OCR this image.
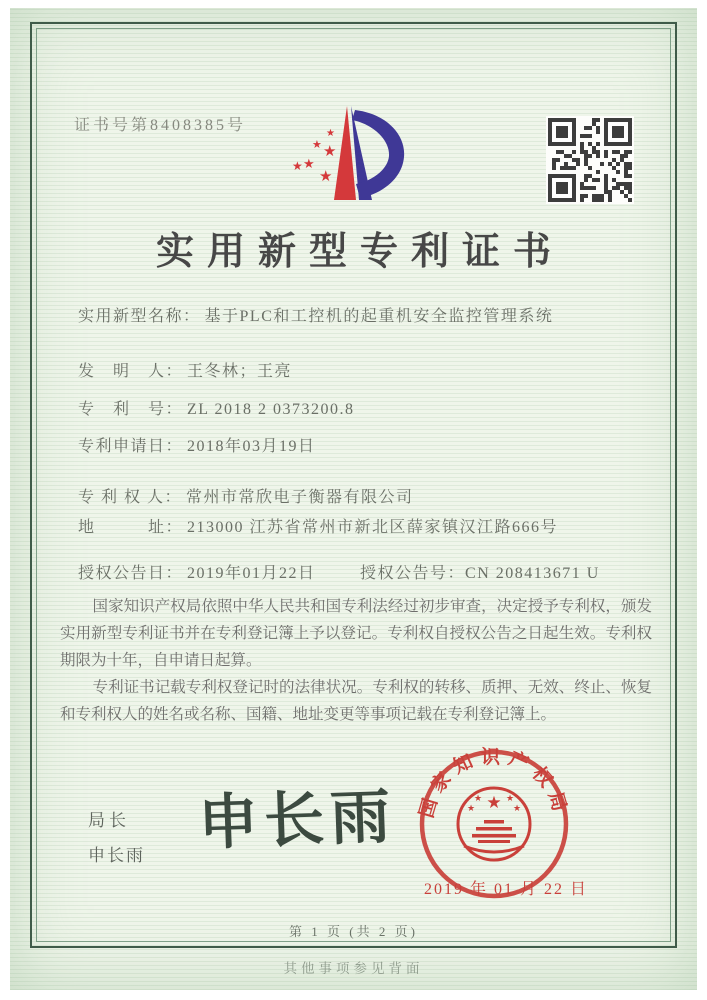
证书号第8408385号	★
★ ★
★
★
★
实用新型专利证书
实用新型名称： 基于PLC和工控机的起重机安全监控管理系统
发　明　人： 王冬林；王亮
专　利　号： ZL 2018 2 0373200.8
专利申请日： 2018年03月19日
专 利 权 人： 常州市常欣电子衡器有限公司
地　　　址： 213000 江苏省常州市新北区薛家镇汉江路666号
授权公告日： 2019年01月22日	授权公告号：CN 208413671 U

国家知识产权局依照中华人民共和国专利法经过初步审查，决定授予专利权，颁发实用新型专利证书并在专利登记簿上予以登记。专利权自授权公告之日起生效。专利权期限为十年，自申请日起算。

专利证书记载专利权登记时的法律状况。专利权的转移、质押、无效、终止、恢复和专利权人的姓名或名称、国籍、地址变更等事项记载在专利登记簿上。

局长
申长雨 申长雨	国家知识产权局
★
★	★
★	★
2019 年 01 月 22 日
第 1 页 (共 2 页)
其他事项参见背面
